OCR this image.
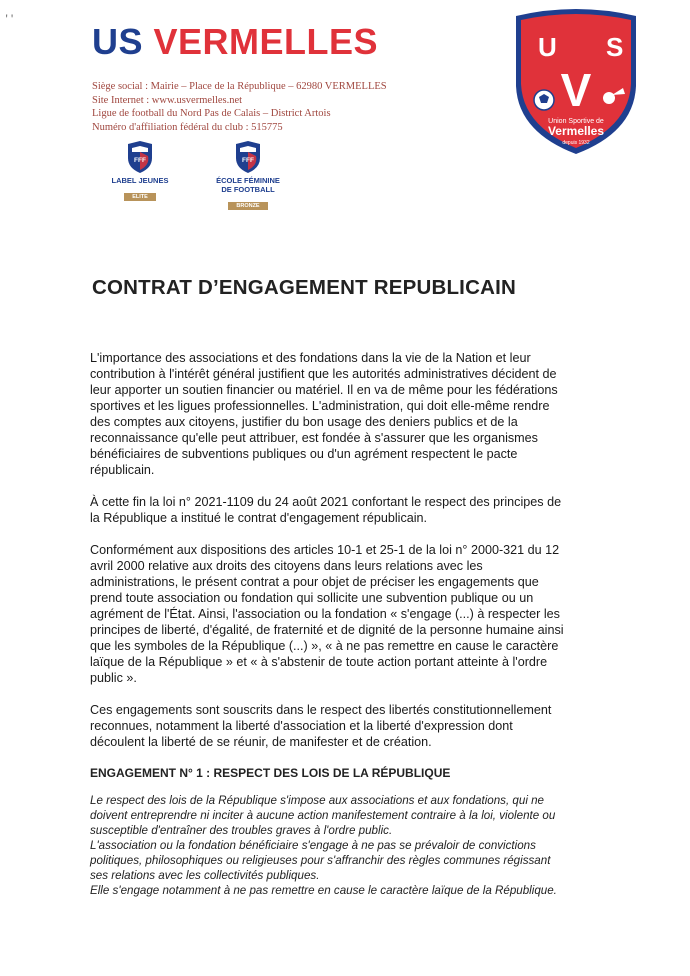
''
US VERMELLES
Siège social : Mairie – Place de la République – 62980 VERMELLES
Site Internet : www.usvermelles.net
Ligue de football du Nord Pas de Calais – District Artois
Numéro d'affiliation fédéral du club : 515775
FFF
LABEL JEUNES
ELITE
FFF
ÉCOLE FÉMININE DE FOOTBALL
BRONZE
U S
V
Union Sportive de
Vermelles
depuis 1932
CONTRAT D’ENGAGEMENT REPUBLICAIN

L'importance des associations et des fondations dans la vie de la Nation et leur
contribution à l'intérêt général justifient que les autorités administratives décident de
leur apporter un soutien financier ou matériel. Il en va de même pour les fédérations
sportives et les ligues professionnelles. L'administration, qui doit elle-même rendre
des comptes aux citoyens, justifier du bon usage des deniers publics et de la
reconnaissance qu'elle peut attribuer, est fondée à s'assurer que les organismes
bénéficiaires de subventions publiques ou d'un agrément respectent le pacte
républicain.

À cette fin la loi n° 2021-1109 du 24 août 2021 confortant le respect des principes de
la République a institué le contrat d'engagement républicain.

Conformément aux dispositions des articles 10-1 et 25-1 de la loi n° 2000-321 du 12
avril 2000 relative aux droits des citoyens dans leurs relations avec les
administrations, le présent contrat a pour objet de préciser les engagements que
prend toute association ou fondation qui sollicite une subvention publique ou un
agrément de l'État. Ainsi, l'association ou la fondation « s'engage (...) à respecter les
principes de liberté, d'égalité, de fraternité et de dignité de la personne humaine ainsi
que les symboles de la République (...) », « à ne pas remettre en cause le caractère
laïque de la République » et « à s'abstenir de toute action portant atteinte à l'ordre
public ».

Ces engagements sont souscrits dans le respect des libertés constitutionnellement
reconnues, notamment la liberté d'association et la liberté d'expression dont
découlent la liberté de se réunir, de manifester et de création.

ENGAGEMENT N° 1 : RESPECT DES LOIS DE LA RÉPUBLIQUE

Le respect des lois de la République s'impose aux associations et aux fondations, qui ne
doivent entreprendre ni inciter à aucune action manifestement contraire à la loi, violente ou
susceptible d'entraîner des troubles graves à l'ordre public.
L'association ou la fondation bénéficiaire s'engage à ne pas se prévaloir de convictions
politiques, philosophiques ou religieuses pour s'affranchir des règles communes régissant
ses relations avec les collectivités publiques.
Elle s'engage notamment à ne pas remettre en cause le caractère laïque de la République.
